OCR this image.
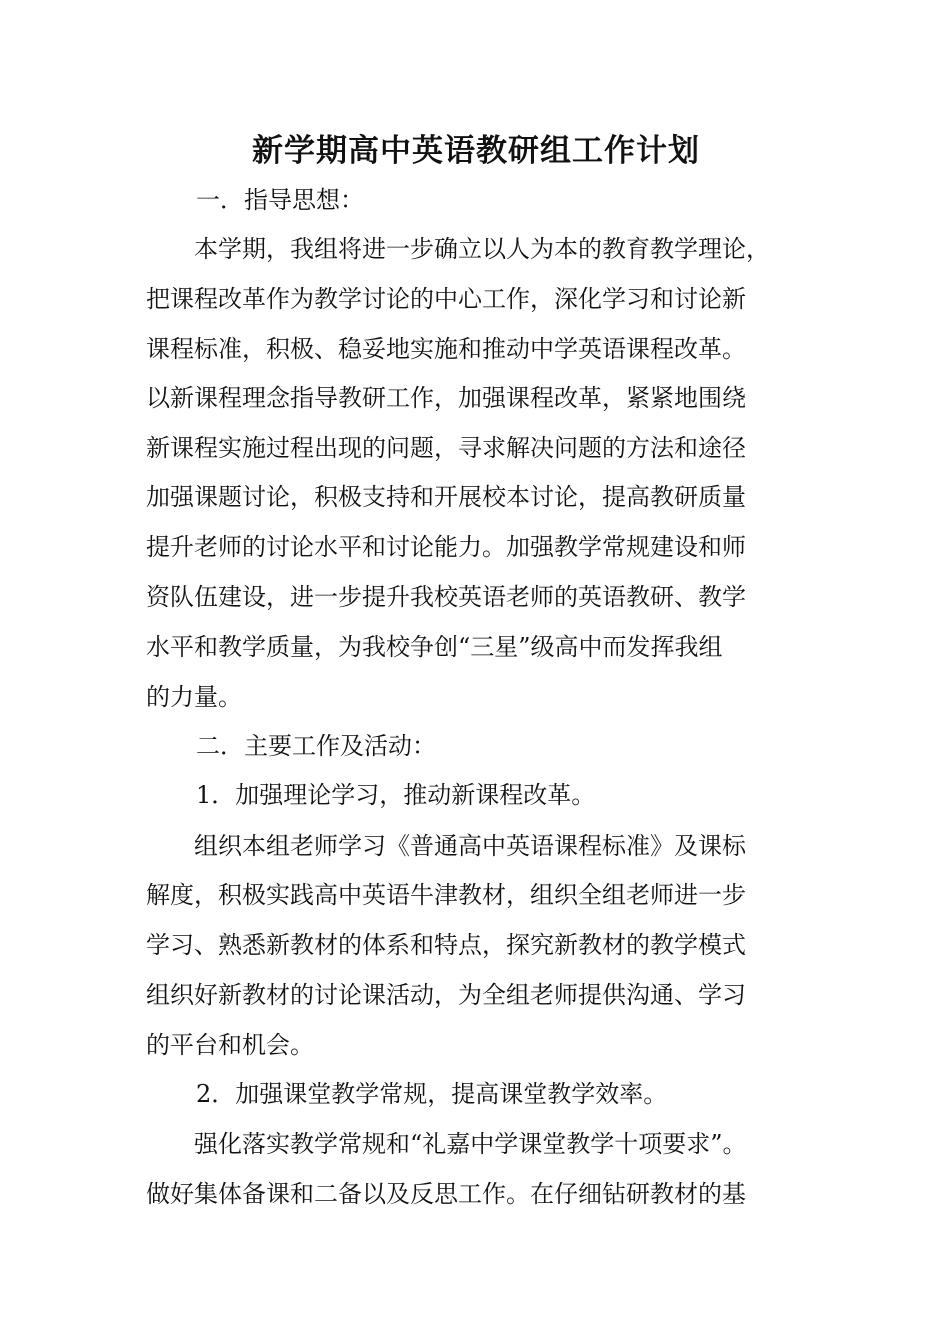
新学期高中英语教研组工作计划
一．指导思想：
本学期，我组将进一步确立以人为本的教育教学理论，
把课程改革作为教学讨论的中心工作，深化学习和讨论新
课程标准，积极、稳妥地实施和推动中学英语课程改革。
以新课程理念指导教研工作，加强课程改革，紧紧地围绕
新课程实施过程出现的问题，寻求解决问题的方法和途径
加强课题讨论，积极支持和开展校本讨论，提高教研质量
提升老师的讨论水平和讨论能力。加强教学常规建设和师
资队伍建设，进一步提升我校英语老师的英语教研、教学
水平和教学质量，为我校争创“三星”级高中而发挥我组
的力量。
二．主要工作及活动：
1．加强理论学习，推动新课程改革。
组织本组老师学习《普通高中英语课程标准》及课标
解度，积极实践高中英语牛津教材，组织全组老师进一步
学习、熟悉新教材的体系和特点，探究新教材的教学模式
组织好新教材的讨论课活动，为全组老师提供沟通、学习
的平台和机会。
2．加强课堂教学常规，提高课堂教学效率。
强化落实教学常规和“礼嘉中学课堂教学十项要求”。
做好集体备课和二备以及反思工作。在仔细钻研教材的基
